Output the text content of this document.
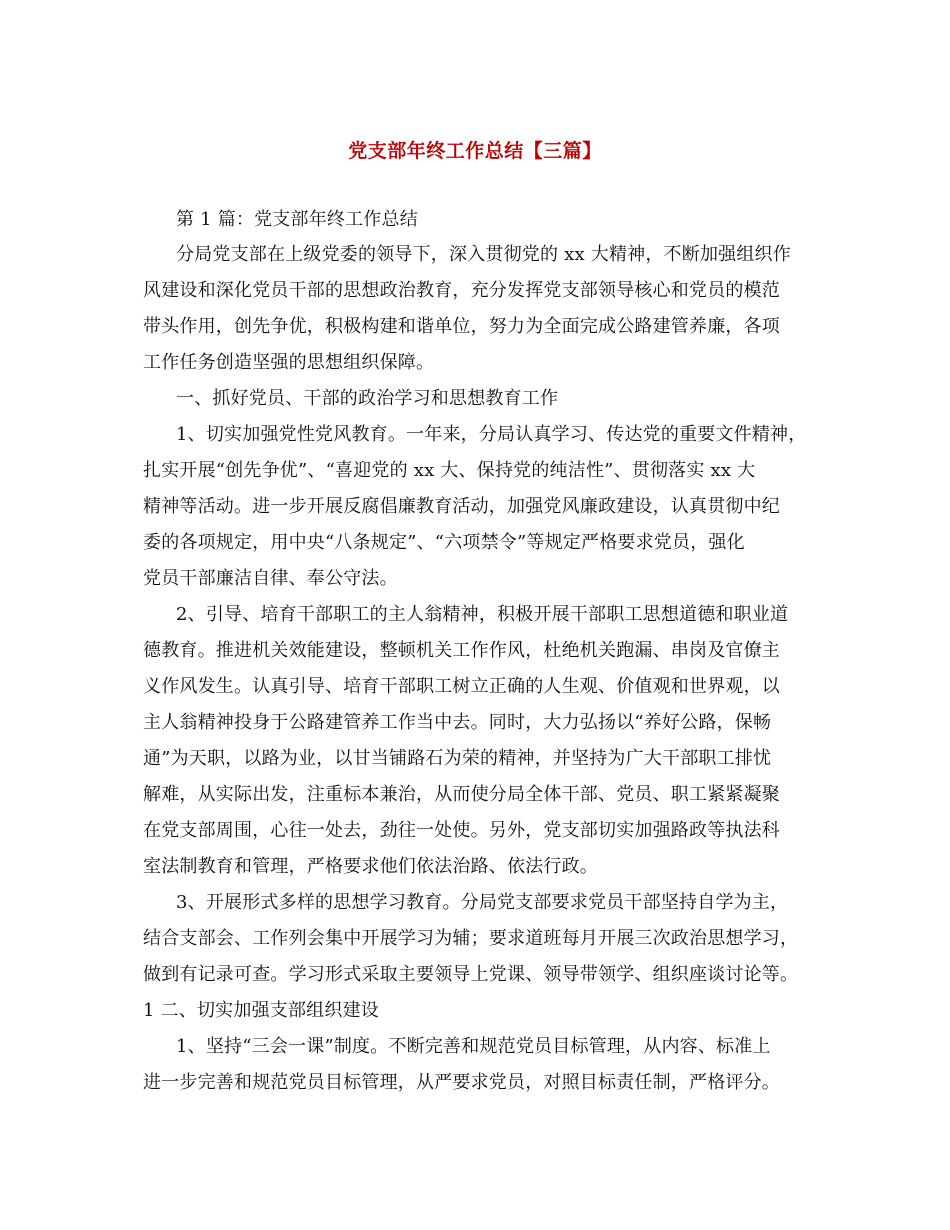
党支部年终工作总结【三篇】
第 1 篇：党支部年终工作总结
分局党支部在上级党委的领导下，深入贯彻党的 xx 大精神，不断加强组织作
风建设和深化党员干部的思想政治教育，充分发挥党支部领导核心和党员的模范
带头作用，创先争优，积极构建和谐单位，努力为全面完成公路建管养廉，各项
工作任务创造坚强的思想组织保障。
一、抓好党员、干部的政治学习和思想教育工作
1、切实加强党性党风教育。一年来，分局认真学习、传达党的重要文件精神，
扎实开展“创先争优”、“喜迎党的 xx 大、保持党的纯洁性”、贯彻落实 xx 大
精神等活动。进一步开展反腐倡廉教育活动，加强党风廉政建设，认真贯彻中纪
委的各项规定，用中央“八条规定”、“六项禁令”等规定严格要求党员，强化
党员干部廉洁自律、奉公守法。
2、引导、培育干部职工的主人翁精神，积极开展干部职工思想道德和职业道
德教育。推进机关效能建设，整顿机关工作作风，杜绝机关跑漏、串岗及官僚主
义作风发生。认真引导、培育干部职工树立正确的人生观、价值观和世界观，以
主人翁精神投身于公路建管养工作当中去。同时，大力弘扬以“养好公路，保畅
通”为天职，以路为业，以甘当铺路石为荣的精神，并坚持为广大干部职工排忧
解难，从实际出发，注重标本兼治，从而使分局全体干部、党员、职工紧紧凝聚
在党支部周围，心往一处去，劲往一处使。另外，党支部切实加强路政等执法科
室法制教育和管理，严格要求他们依法治路、依法行政。
3、开展形式多样的思想学习教育。分局党支部要求党员干部坚持自学为主，
结合支部会、工作列会集中开展学习为辅；要求道班每月开展三次政治思想学习，
做到有记录可查。学习形式采取主要领导上党课、领导带领学、组织座谈讨论等。
1 二、切实加强支部组织建设
1、坚持“三会一课”制度。不断完善和规范党员目标管理，从内容、标准上
进一步完善和规范党员目标管理，从严要求党员，对照目标责任制，严格评分。
